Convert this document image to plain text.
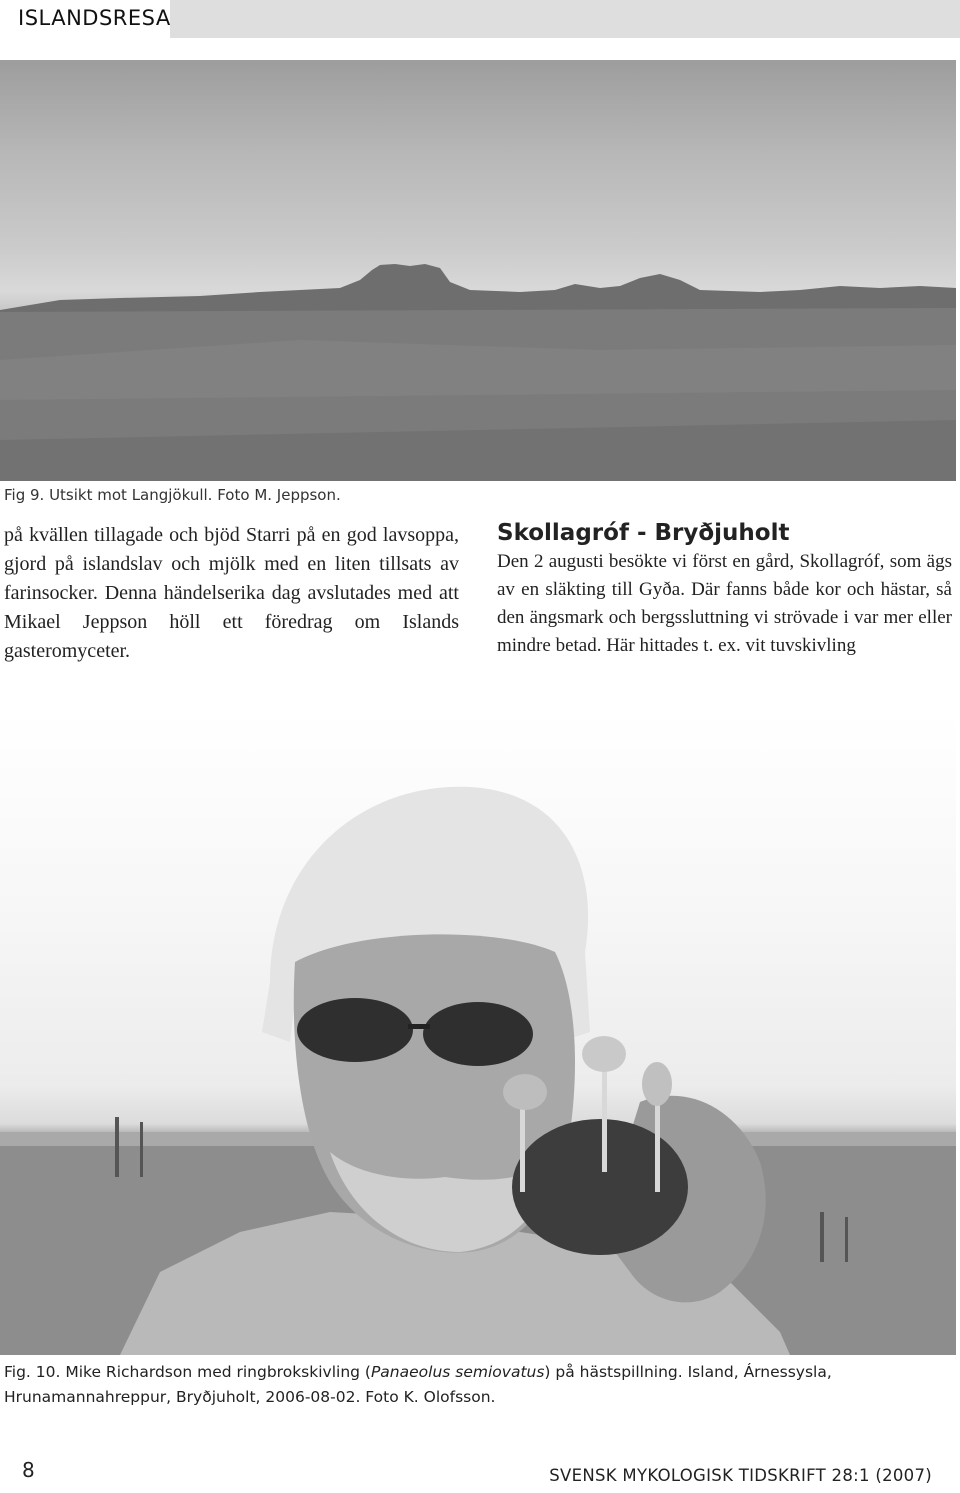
ISLANDSRESA
Fig 9. Utsikt mot Langjökull. Foto M. Jeppson.
på kvällen tillagade och bjöd Starri på en god lavsoppa, gjord på islandslav och mjölk med en liten tillsats av farinsocker. Denna händelserika dag avslutades med att Mikael Jeppson höll ett föredrag om Islands gasteromyceter.
Skollagróf - Bryðjuholt
Den 2 augusti besökte vi först en gård, Skollagróf, som ägs av en släkting till Gyða. Där fanns både kor och hästar, så den ängsmark och bergssluttning vi strövade i var mer eller mindre betad. Här hittades t. ex. vit tuvskivling
Fig. 10. Mike Richardson med ringbrokskivling (Panaeolus semiovatus) på hästspillning. Island, Árnessysla, Hrunamannahreppur, Bryðjuholt, 2006-08-02. Foto K. Olofsson.
8	SVENSK MYKOLOGISK TIDSKRIFT 28:1 (2007)
